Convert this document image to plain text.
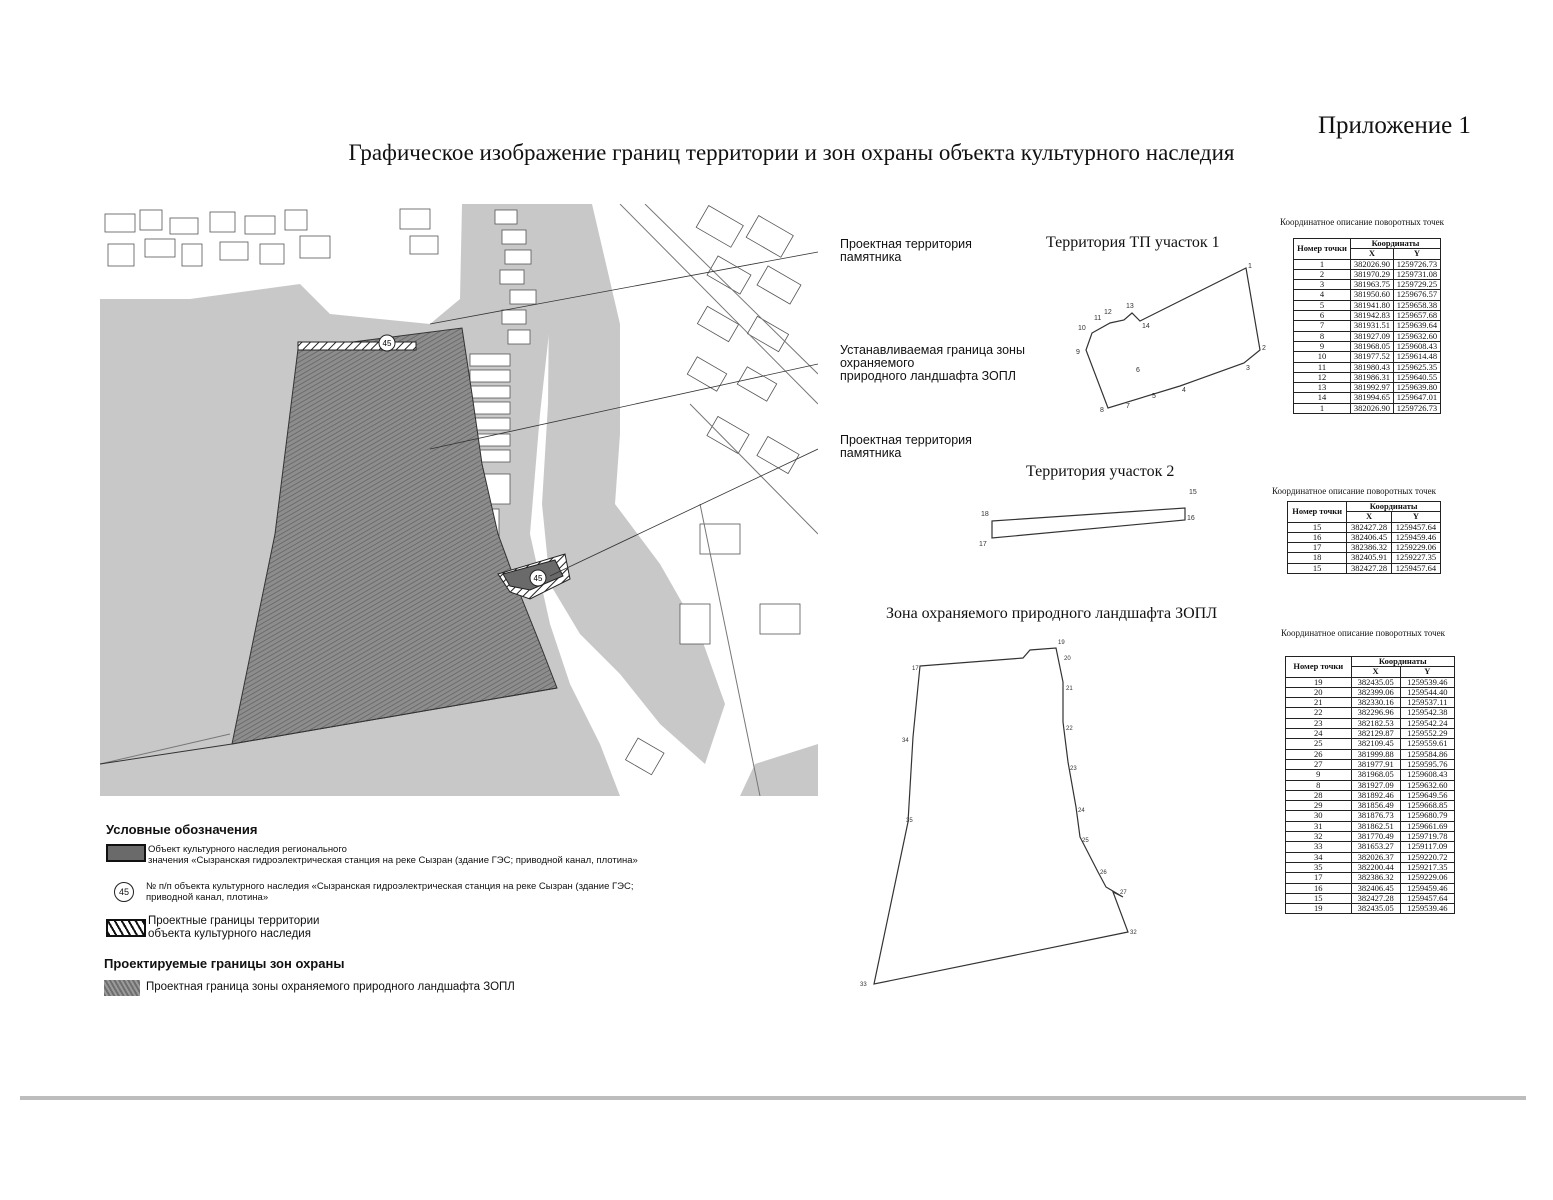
Приложение 1
Графическое изображение границ территории и зон охраны объекта культурного наследия
45
45
Проектная территория
памятника
Устанавливаемая граница зоны
охраняемого
природного ландшафта ЗОПЛ
Проектная территория
памятника
Территория ТП участок 1
Территория участок 2
Зона охраняемого природного ландшафта ЗОПЛ
1
2
3
4
5
6
7
8
9
10
11
12
13
14
15
16
17
18
19
20
21
22
23
24
25
26
27
32
33
34
35
17
Координатное описание поворотных точек
Номер точки	Координаты	
	X	Y
1	382026.90	1259726.73
2	381970.29	1259731.08
3	381963.75	1259729.25
4	381950.60	1259676.57
5	381941.80	1259658.38
6	381942.83	1259657.68
7	381931.51	1259639.64
8	381927.09	1259632.60
9	381968.05	1259608.43
10	381977.52	1259614.48
11	381980.43	1259625.35
12	381986.31	1259640.55
13	381992.97	1259639.80
14	381994.65	1259647.01
1	382026.90	1259726.73
Координатное описание поворотных точек
Номер точки	Координаты	
	X	Y
15	382427.28	1259457.64
16	382406.45	1259459.46
17	382386.32	1259229.06
18	382405.91	1259227.35
15	382427.28	1259457.64
Координатное описание поворотных точек
Номер точки	Координаты	
	X	Y
19	382435.05	1259539.46
20	382399.06	1259544.40
21	382330.16	1259537.11
22	382296.96	1259542.38
23	382182.53	1259542.24
24	382129.87	1259552.29
25	382109.45	1259559.61
26	381999.88	1259584.86
27	381977.91	1259595.76
9	381968.05	1259608.43
8	381927.09	1259632.60
28	381892.46	1259649.56
29	381856.49	1259668.85
30	381876.73	1259680.79
31	381862.51	1259661.69
32	381770.49	1259719.78
33	381653.27	1259117.09
34	382026.37	1259220.72
35	382200.44	1259217.35
17	382386.32	1259229.06
16	382406.45	1259459.46
15	382427.28	1259457.64
19	382435.05	1259539.46
Условные обозначения
Объект культурного наследия регионального
значения «Сызранская гидроэлектрическая станция на реке Сызран (здание ГЭС; приводной канал, плотина»
45	№ п/п объекта культурного наследия «Сызранская гидроэлектрическая станция на реке Сызран (здание ГЭС;
приводной канал, плотина»
Проектные границы территории
объекта культурного наследия
Проектируемые границы зон охраны
Проектная граница зоны охраняемого природного ландшафта ЗОПЛ
